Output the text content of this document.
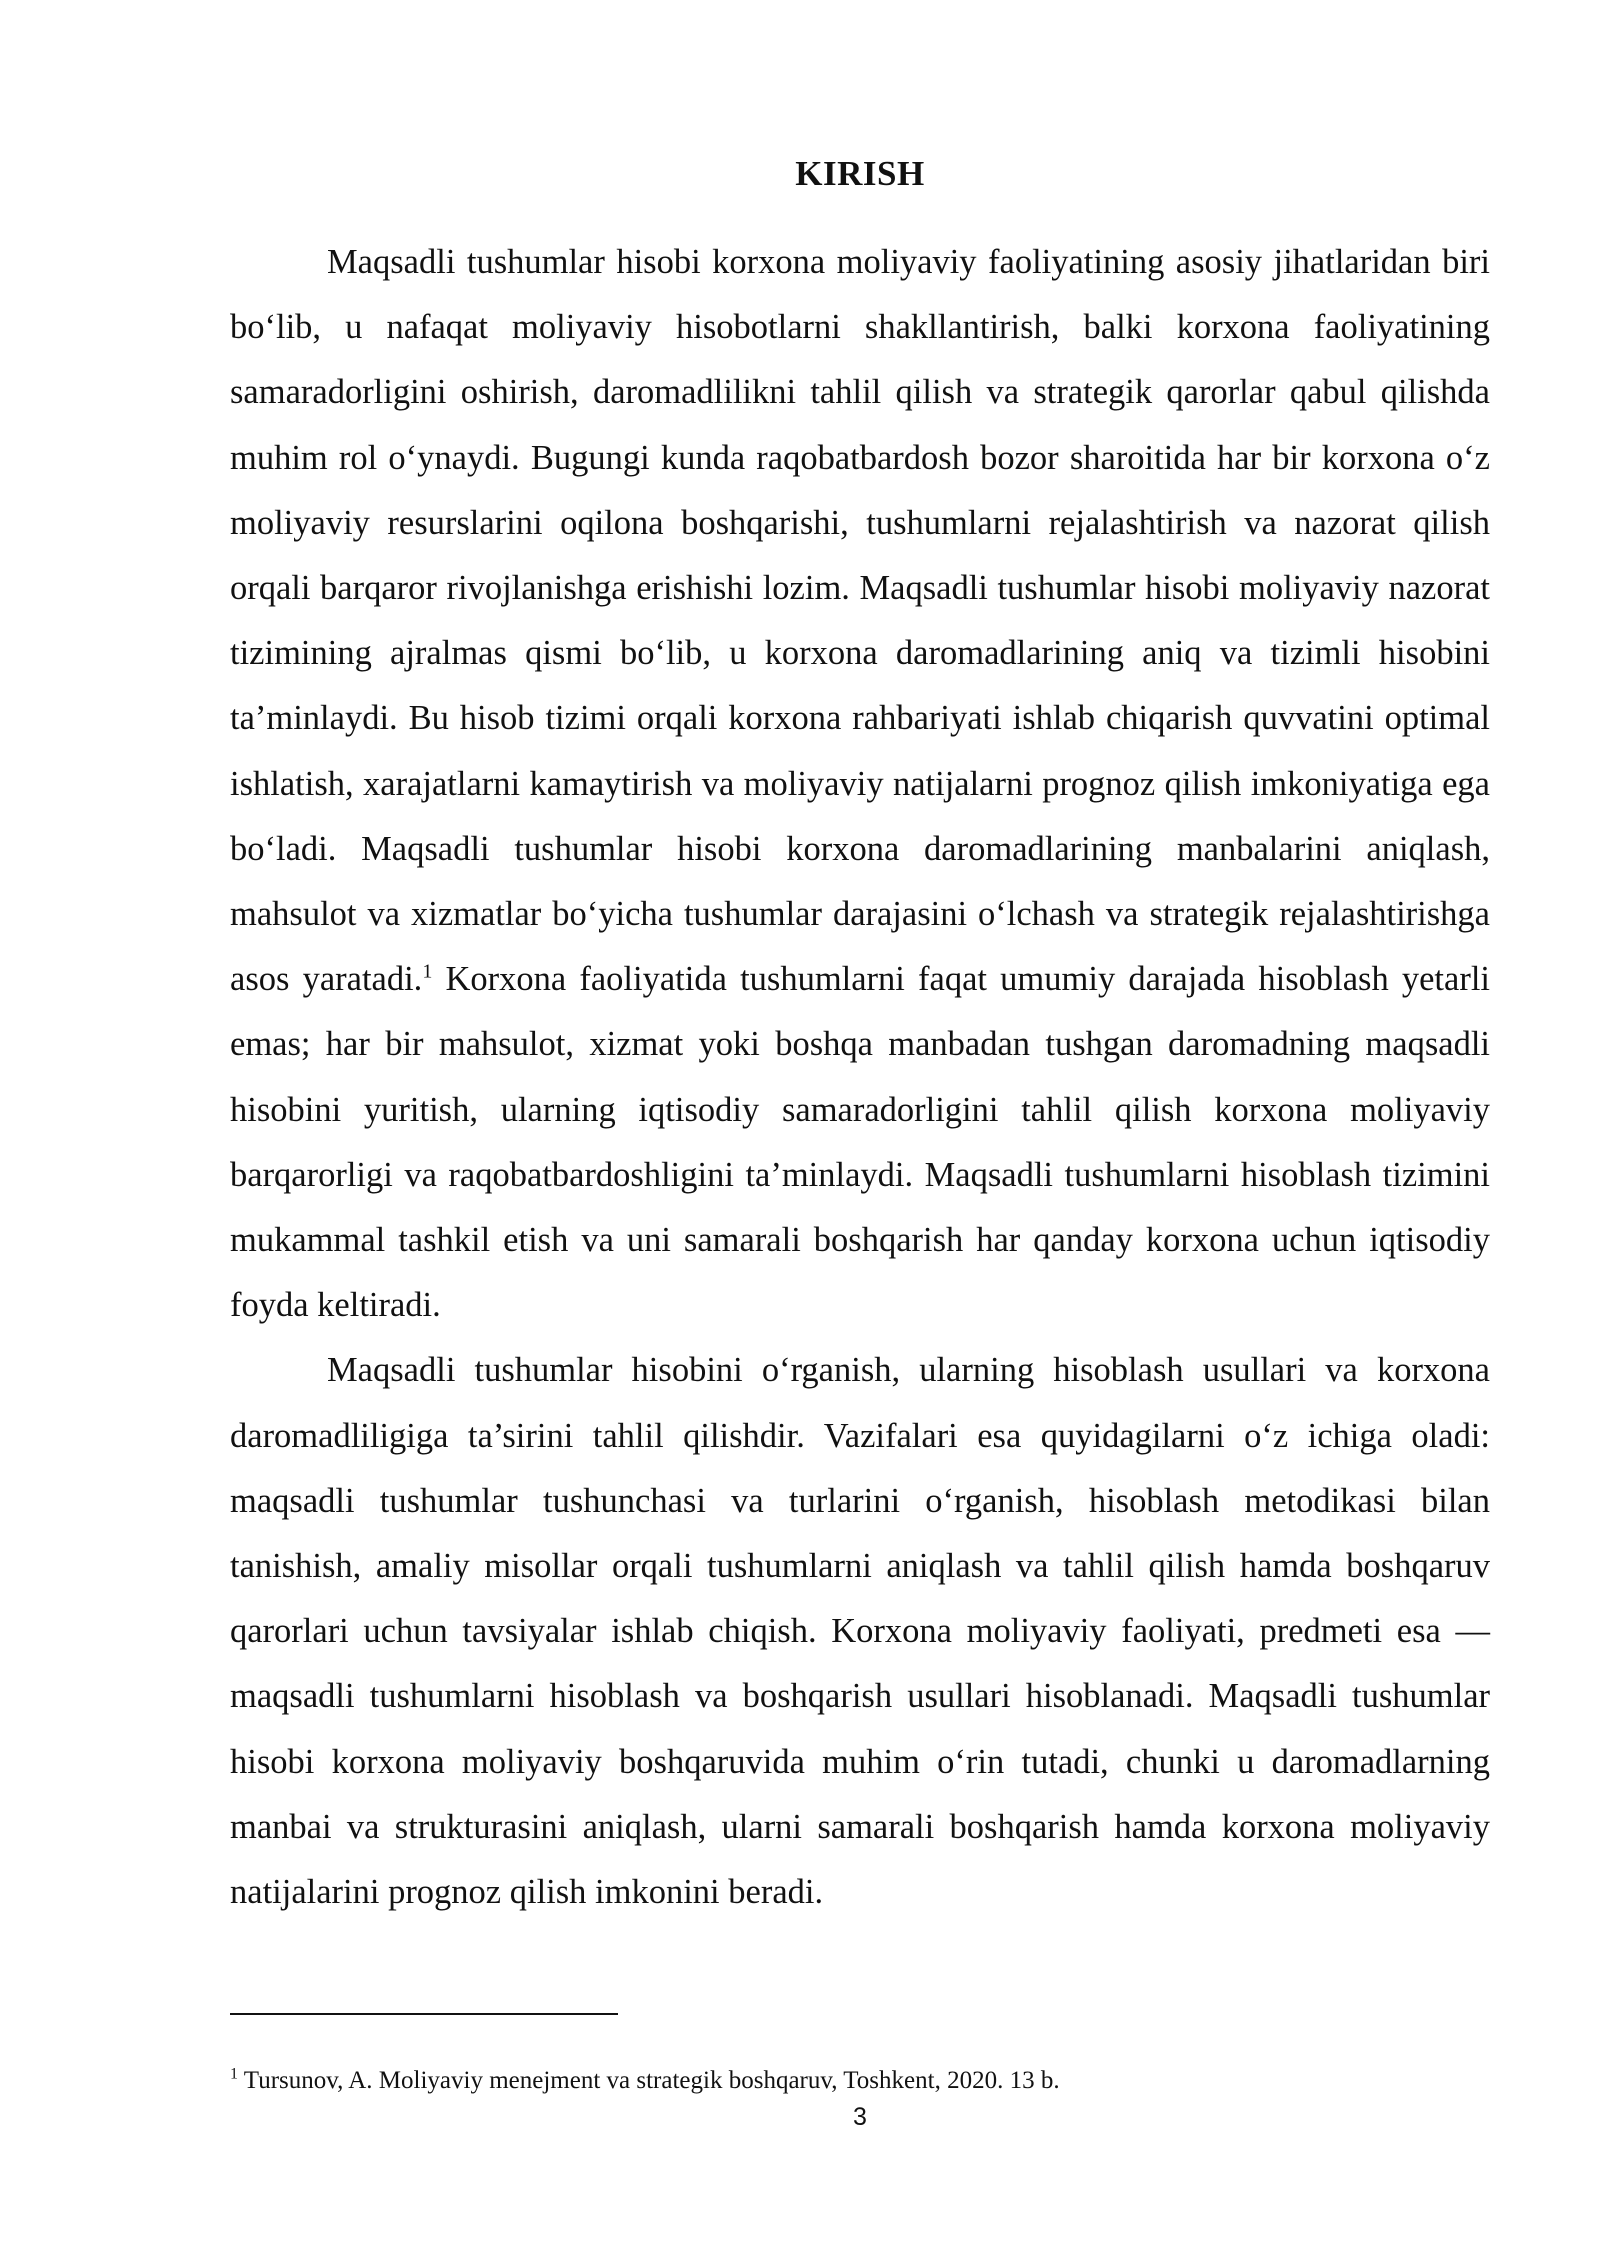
KIRISH

Maqsadli tushumlar hisobi korxona moliyaviy faoliyatining asosiy jihatlaridan biri bo‘lib, u nafaqat moliyaviy hisobotlarni shakllantirish, balki korxona faoliyatining samaradorligini oshirish, daromadlilikni tahlil qilish va strategik qarorlar qabul qilishda muhim rol o‘ynaydi. Bugungi kunda raqobatbardosh bozor sharoitida har bir korxona o‘z moliyaviy resurslarini oqilona boshqarishi, tushumlarni rejalashtirish va nazorat qilish orqali barqaror rivojlanishga erishishi lozim. Maqsadli tushumlar hisobi moliyaviy nazorat tizimining ajralmas qismi bo‘lib, u korxona daromadlarining aniq va tizimli hisobini ta’minlaydi. Bu hisob tizimi orqali korxona rahbariyati ishlab chiqarish quvvatini optimal ishlatish, xarajatlarni kamaytirish va moliyaviy natijalarni prognoz qilish imkoniyatiga ega bo‘ladi. Maqsadli tushumlar hisobi korxona daromadlarining manbalarini aniqlash, mahsulot va xizmatlar bo‘yicha tushumlar darajasini o‘lchash va strategik rejalashtirishga asos yaratadi.$^1$ Korxona faoliyatida tushumlarni faqat umumiy darajada hisoblash yetarli emas; har bir mahsulot, xizmat yoki boshqa manbadan tushgan daromadning maqsadli hisobini yuritish, ularning iqtisodiy samaradorligini tahlil qilish korxona moliyaviy barqarorligi va raqobatbardoshligini ta’minlaydi. Maqsadli tushumlarni hisoblash tizimini mukammal tashkil etish va uni samarali boshqarish har qanday korxona uchun iqtisodiy foyda keltiradi.

Maqsadli tushumlar hisobini o‘rganish, ularning hisoblash usullari va korxona daromadliligiga ta’sirini tahlil qilishdir. Vazifalari esa quyidagilarni o‘z ichiga oladi: maqsadli tushumlar tushunchasi va turlarini o‘rganish, hisoblash metodikasi bilan tanishish, amaliy misollar orqali tushumlarni aniqlash va tahlil qilish hamda boshqaruv qarorlari uchun tavsiyalar ishlab chiqish. Korxona moliyaviy faoliyati, predmeti esa — maqsadli tushumlarni hisoblash va boshqarish usullari hisoblanadi. Maqsadli tushumlar hisobi korxona moliyaviy boshqaruvida muhim o‘rin tutadi, chunki u daromadlarning manbai va strukturasini aniqlash, ularni samarali boshqarish hamda korxona moliyaviy natijalarini prognoz qilish imkonini beradi.

$^1$ Tursunov, A. Moliyaviy menejment va strategik boshqaruv, Toshkent, 2020. 13 b.
3
